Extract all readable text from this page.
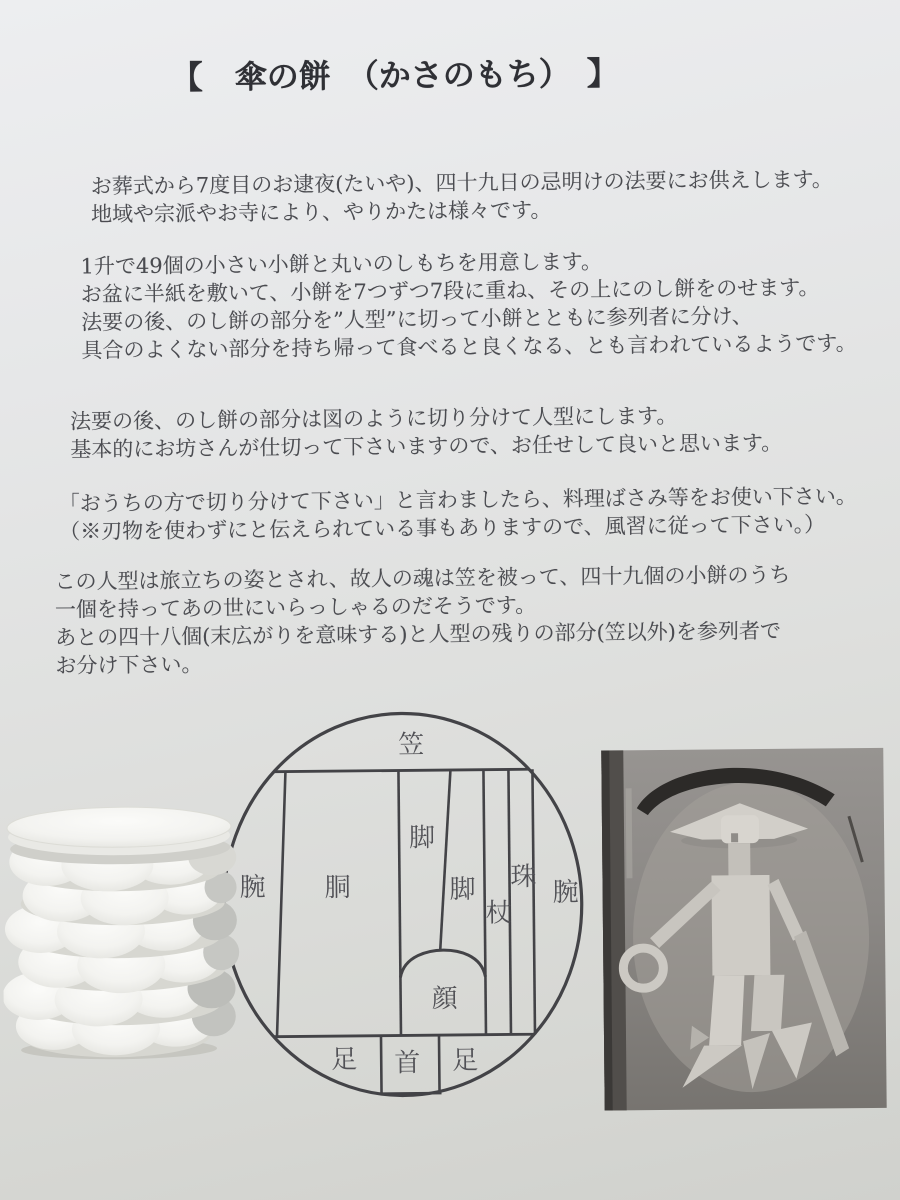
【　傘の餅　（かさのもち）　】
お葬式から7度目のお逮夜(たいや)、四十九日の忌明けの法要にお供えします。
地域や宗派やお寺により、やりかたは様々です。
1升で49個の小さい小餅と丸いのしもちを用意します。
お盆に半紙を敷いて、小餅を7つずつ7段に重ね、その上にのし餅をのせます。
法要の後、のし餅の部分を”人型”に切って小餅とともに参列者に分け、
具合のよくない部分を持ち帰って食べると良くなる、とも言われているようです。
法要の後、のし餅の部分は図のように切り分けて人型にします。
基本的にお坊さんが仕切って下さいますので、お任せして良いと思います。
「おうちの方で切り分けて下さい」と言わましたら、料理ばさみ等をお使い下さい。
（※刃物を使わずにと伝えられている事もありますので、風習に従って下さい。）
この人型は旅立ちの姿とされ、故人の魂は笠を被って、四十九個の小餅のうち
一個を持ってあの世にいらっしゃるのだそうです。
あとの四十八個(末広がりを意味する)と人型の残りの部分(笠以外)を参列者で
お分け下さい。
笠
腕 胴
脚
脚
杖
珠
腕
顔
足 首 足
